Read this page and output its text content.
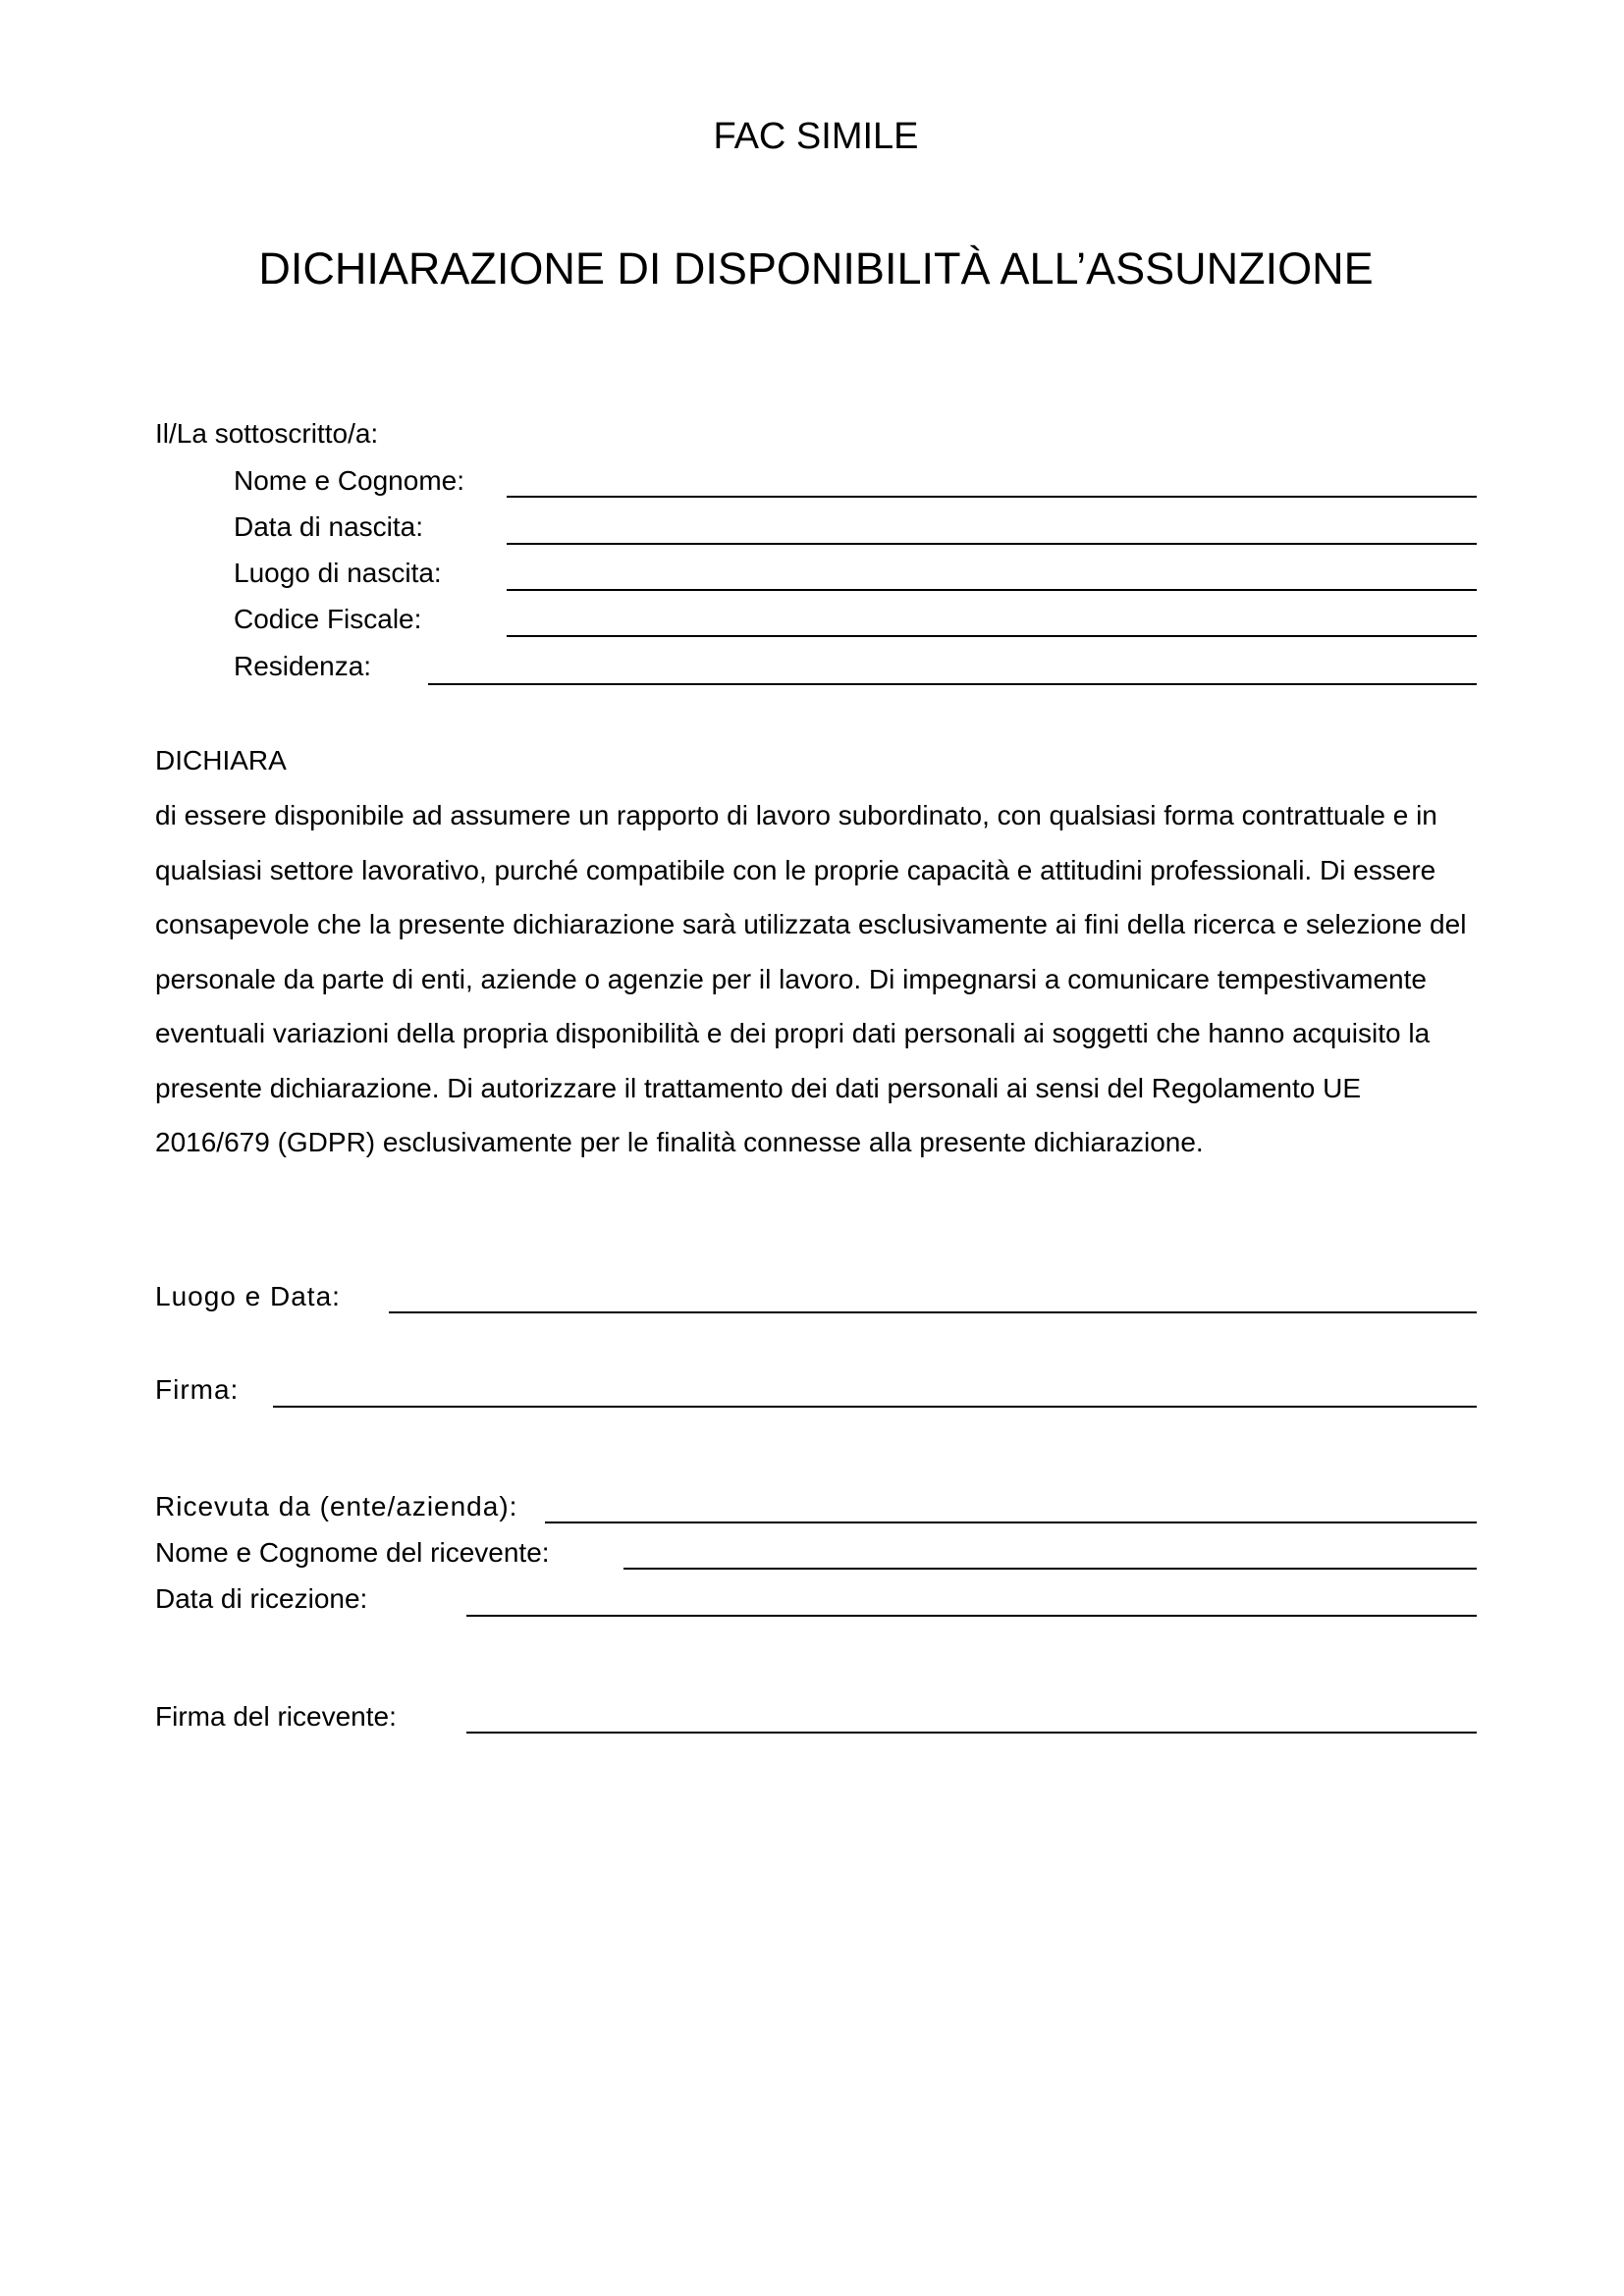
FAC SIMILE
DICHIARAZIONE DI DISPONIBILITÀ ALL’ASSUNZIONE
Il/La sottoscritto/a:
Nome e Cognome:
Data di nascita:
Luogo di nascita:
Codice Fiscale:
Residenza:
DICHIARA
di essere disponibile ad assumere un rapporto di lavoro subordinato, con qualsiasi forma contrattuale e in
qualsiasi settore lavorativo, purché compatibile con le proprie capacità e attitudini professionali. Di essere
consapevole che la presente dichiarazione sarà utilizzata esclusivamente ai fini della ricerca e selezione del
personale da parte di enti, aziende o agenzie per il lavoro. Di impegnarsi a comunicare tempestivamente
eventuali variazioni della propria disponibilità e dei propri dati personali ai soggetti che hanno acquisito la
presente dichiarazione. Di autorizzare il trattamento dei dati personali ai sensi del Regolamento UE
2016/679 (GDPR) esclusivamente per le finalità connesse alla presente dichiarazione.
Luogo e Data:
Firma:
Ricevuta da (ente/azienda):
Nome e Cognome del ricevente:
Data di ricezione:
Firma del ricevente:
